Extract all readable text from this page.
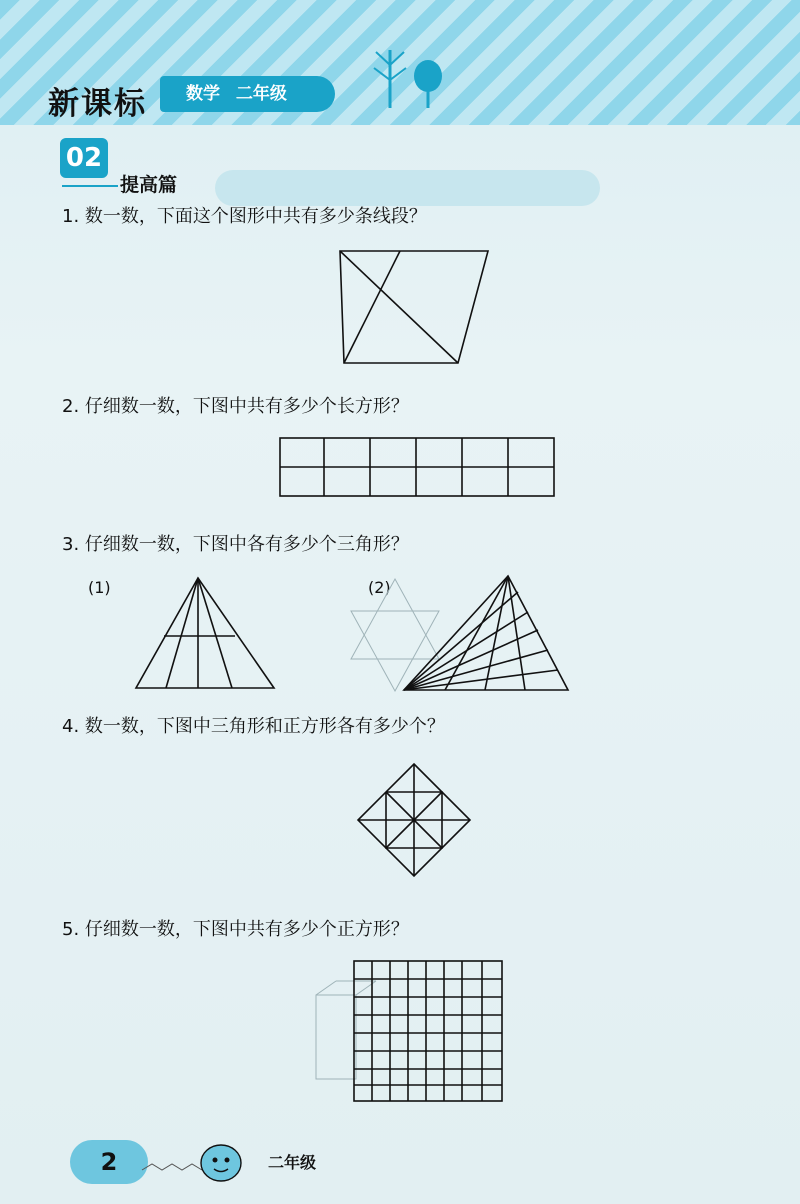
新课标	数学 二年级
02
提高篇
1. 数一数，下面这个图形中共有多少条线段？
2. 仔细数一数，下图中共有多少个长方形？
3. 仔细数一数，下图中各有多少个三角形？
(1)	(2)
4. 数一数，下图中三角形和正方形各有多少个？
5. 仔细数一数，下图中共有多少个正方形？
2	二年级
